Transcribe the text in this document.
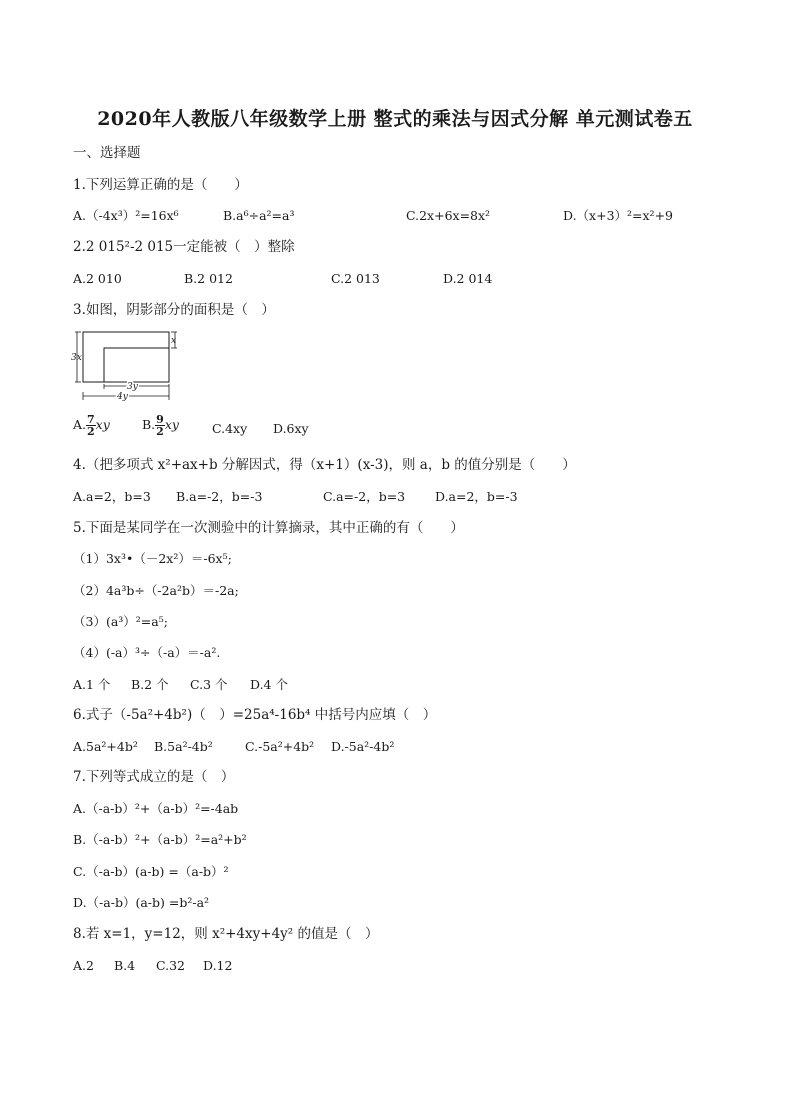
2020年人教版八年级数学上册 整式的乘法与因式分解 单元测试卷五
一、选择题
1.下列运算正确的是（　　）
A.（-4x³）²=16x⁶	B.a⁶÷a²=a³	C.2x+6x=8x²	D.（x+3）²=x²+9
2.2 015²-2 015一定能被（　）整除
A.2 010	B.2 012	C.2 013	D.2 014
3.如图，阴影部分的面积是（　）
3x
x
3y
4y
A. $\frac{7}{2}$ xy	B. $\frac{9}{2}$ xy	C.4xy D.6xy
4.（把多项式 x²+ax+b 分解因式，得（x+1）(x-3)，则 a，b 的值分别是（　　）
A.a=2，b=3 B.a=-2，b=-3	C.a=-2，b=3 D.a=2，b=-3
5.下面是某同学在一次测验中的计算摘录，其中正确的有（　　）
（1）3x³•（－2x²）＝-6x⁵;
（2）4a³b÷（-2a²b）＝-2a;
（3）(a³）²=a⁵;
（4）(-a）³÷（-a）＝-a².
A.1 个 B.2 个 C.3 个 D.4 个
6.式子（-5a²+4b²)（　）=25a⁴-16b⁴ 中括号内应填（　）
A.5a²+4b² B.5a²-4b²	C.-5a²+4b² D.-5a²-4b²
7.下列等式成立的是（　）
A.（-a-b）²+（a-b）²=-4ab
B.（-a-b）²+（a-b）²=a²+b²
C.（-a-b）(a-b) =（a-b）²
D.（-a-b）(a-b) =b²-a²
8.若 x=1，y=12，则 x²+4xy+4y² 的值是（　）
A.2 B.4 C.32 D.12
